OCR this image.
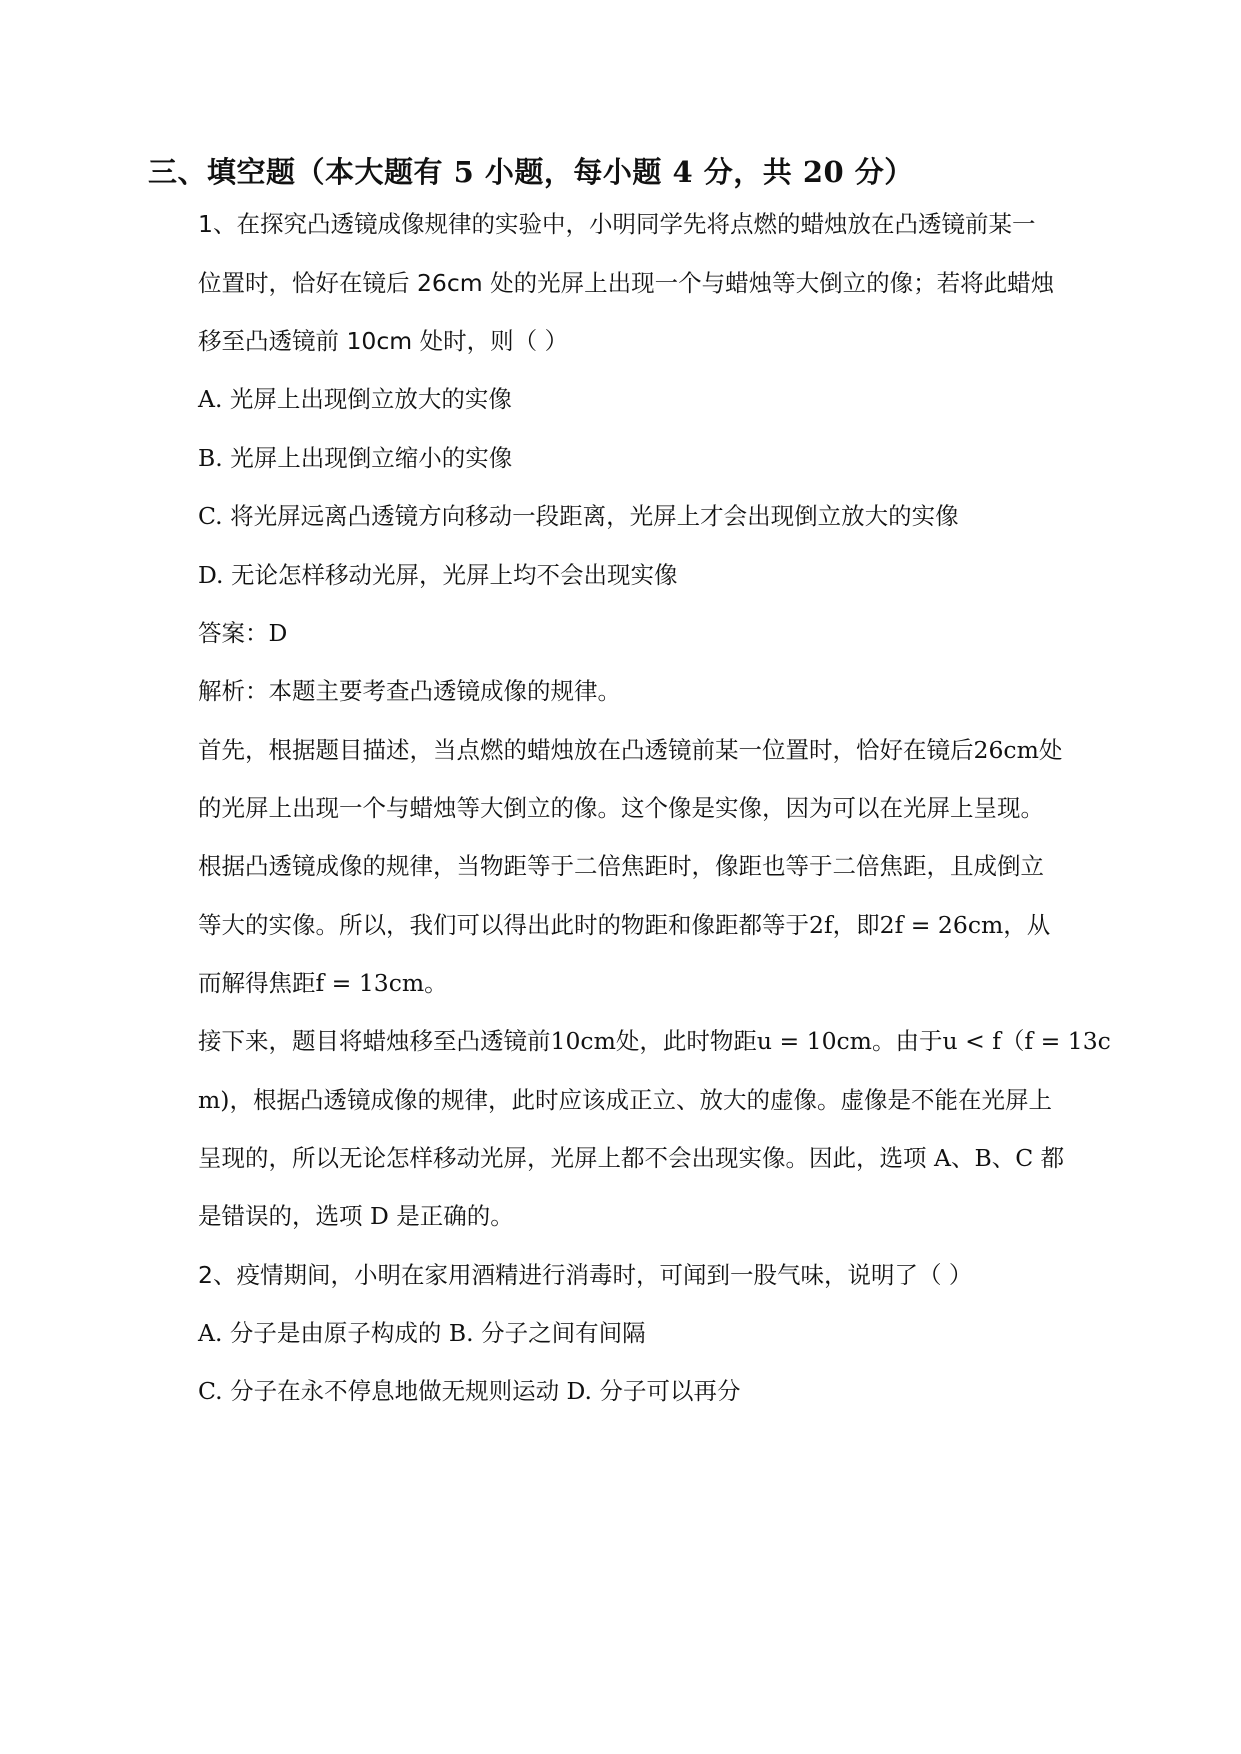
三、填空题（本大题有 5 小题，每小题 4 分，共 20 分）
1、在探究凸透镜成像规律的实验中，小明同学先将点燃的蜡烛放在凸透镜前某一
位置时，恰好在镜后 26cm 处的光屏上出现一个与蜡烛等大倒立的像；若将此蜡烛
移至凸透镜前 10cm 处时，则（ ）
A. 光屏上出现倒立放大的实像
B. 光屏上出现倒立缩小的实像
C. 将光屏远离凸透镜方向移动一段距离，光屏上才会出现倒立放大的实像
D. 无论怎样移动光屏，光屏上均不会出现实像
答案：D
解析：本题主要考查凸透镜成像的规律。
首先，根据题目描述，当点燃的蜡烛放在凸透镜前某一位置时，恰好在镜后26cm处
的光屏上出现一个与蜡烛等大倒立的像。这个像是实像，因为可以在光屏上呈现。
根据凸透镜成像的规律，当物距等于二倍焦距时，像距也等于二倍焦距，且成倒立
等大的实像。所以，我们可以得出此时的物距和像距都等于2f，即2f = 26cm，从
而解得焦距f = 13cm。
接下来，题目将蜡烛移至凸透镜前10cm处，此时物距u = 10cm。由于u < f（f = 13c
m)，根据凸透镜成像的规律，此时应该成正立、放大的虚像。虚像是不能在光屏上
呈现的，所以无论怎样移动光屏，光屏上都不会出现实像。因此，选项 A、B、C 都
是错误的，选项 D 是正确的。
2、疫情期间，小明在家用酒精进行消毒时，可闻到一股气味，说明了（ ）
A. 分子是由原子构成的 B. 分子之间有间隔
C. 分子在永不停息地做无规则运动 D. 分子可以再分
